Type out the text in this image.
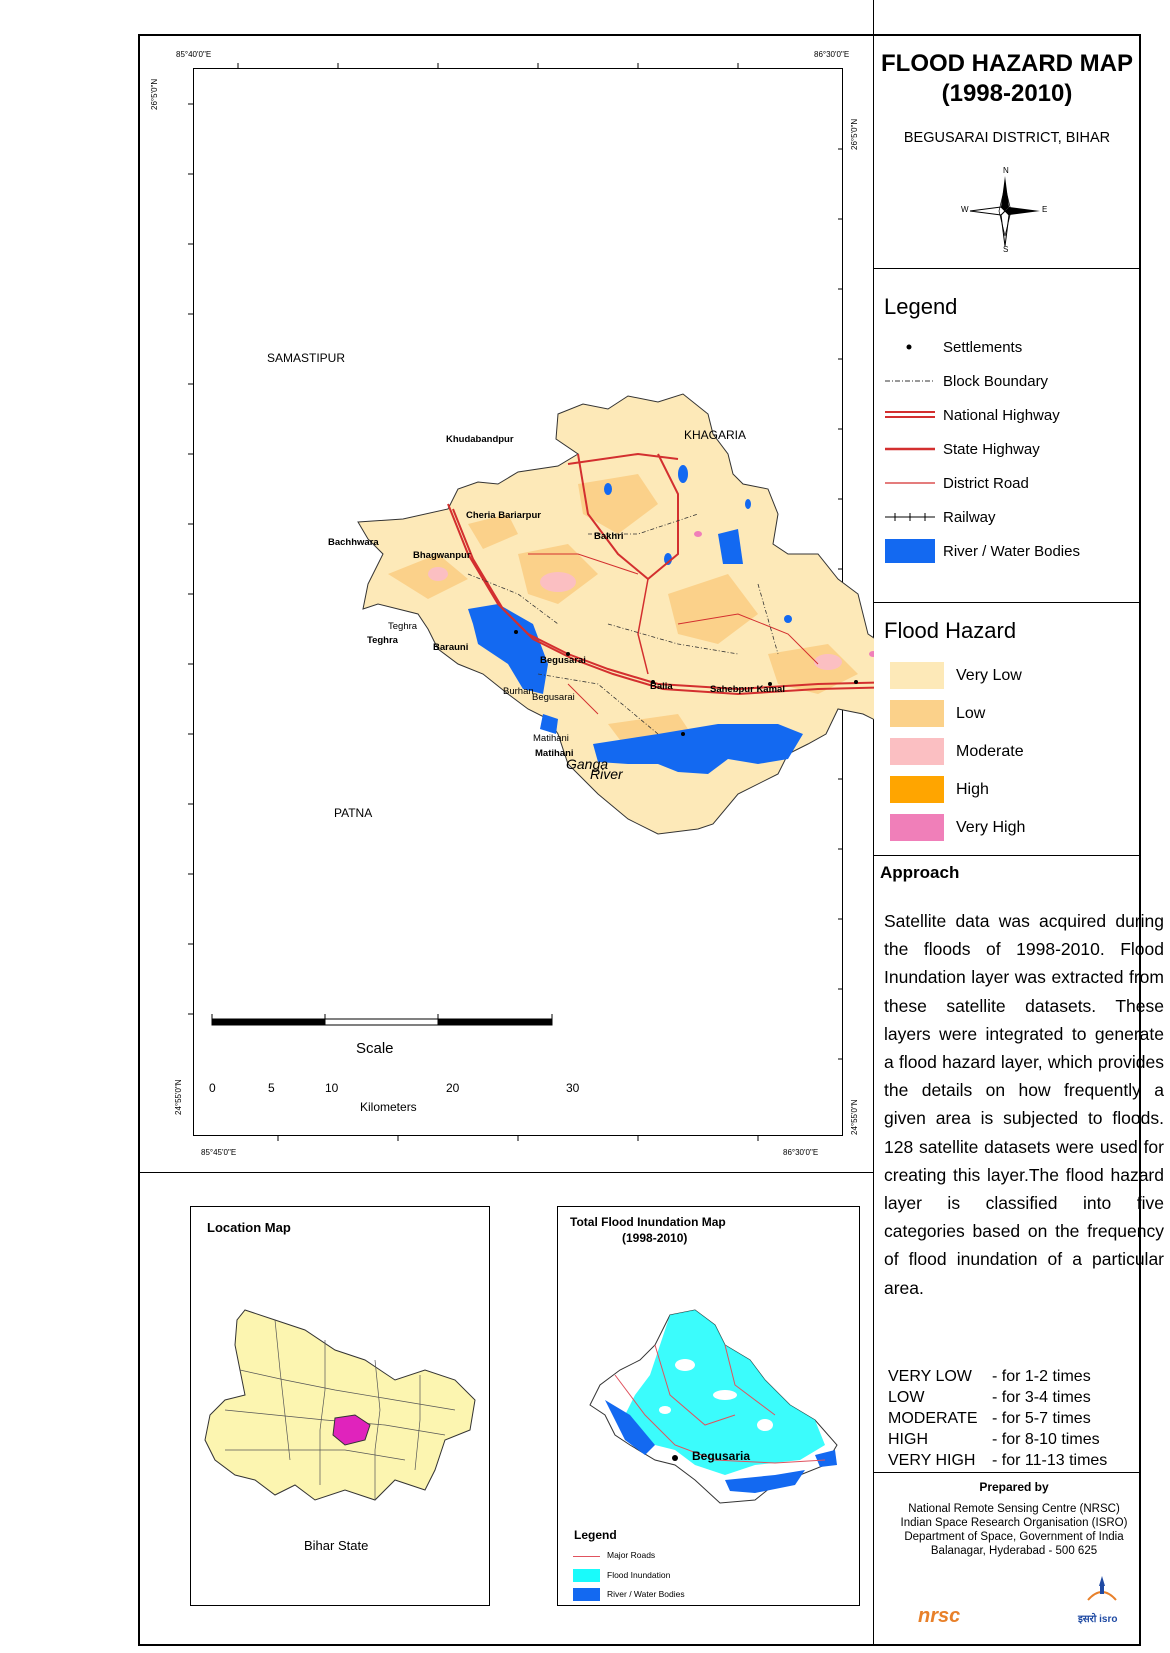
85°40'0"E	86°30'0"E
85°45'0"E	86°30'0"E
26°5'0"N
26°5'0"N
24°55'0"N
24°55'0"N
SAMASTIPUR
KHAGARIA
PATNA
Khudabandpur
Cheria Bariarpur
Bakhri
Bachhwara
Bhagwanpur
Teghra
Teghra
Barauni
Begusarai
Burhan
Begusarai
Balia	Sahebpur Kamal
Matihani
Matihani
Ganga
River
Scale
0	5	10	20	30
Kilometers
FLOOD HAZARD MAP
(1998-2010)
BEGUSARAI DISTRICT, BIHAR
N
S
E
W
Legend
Settlements
Block Boundary
National Highway
State Highway
District Road
Railway
River / Water Bodies
Flood Hazard
Very Low
Low
Moderate
High
Very High
Approach
Satellite data was acquired during the floods of 1998-2010. Flood Inundation layer was extracted from these satellite datasets. These layers were integrated to generate a flood hazard layer, which provides the details on how frequently a given area is subjected to floods. 128 satellite datasets were used for creating this layer.The flood hazard layer is classified into five categories based on the frequency of flood inundation of a particular area.
VERY LOW - for 1-2 times
LOW	- for 3-4 times
MODERATE - for 5-7 times
HIGH	- for 8-10 times
VERY HIGH - for 11-13 times
Prepared by
National Remote Sensing Centre (NRSC)
Indian Space Research Organisation (ISRO)
Department of Space, Government of India
Balanagar, Hyderabad - 500 625
nrsc	इसरो isro
Location Map
Bihar State
Total Flood Inundation Map
(1998-2010)
Begusaria
Legend
Major Roads
Flood Inundation
River / Water Bodies
